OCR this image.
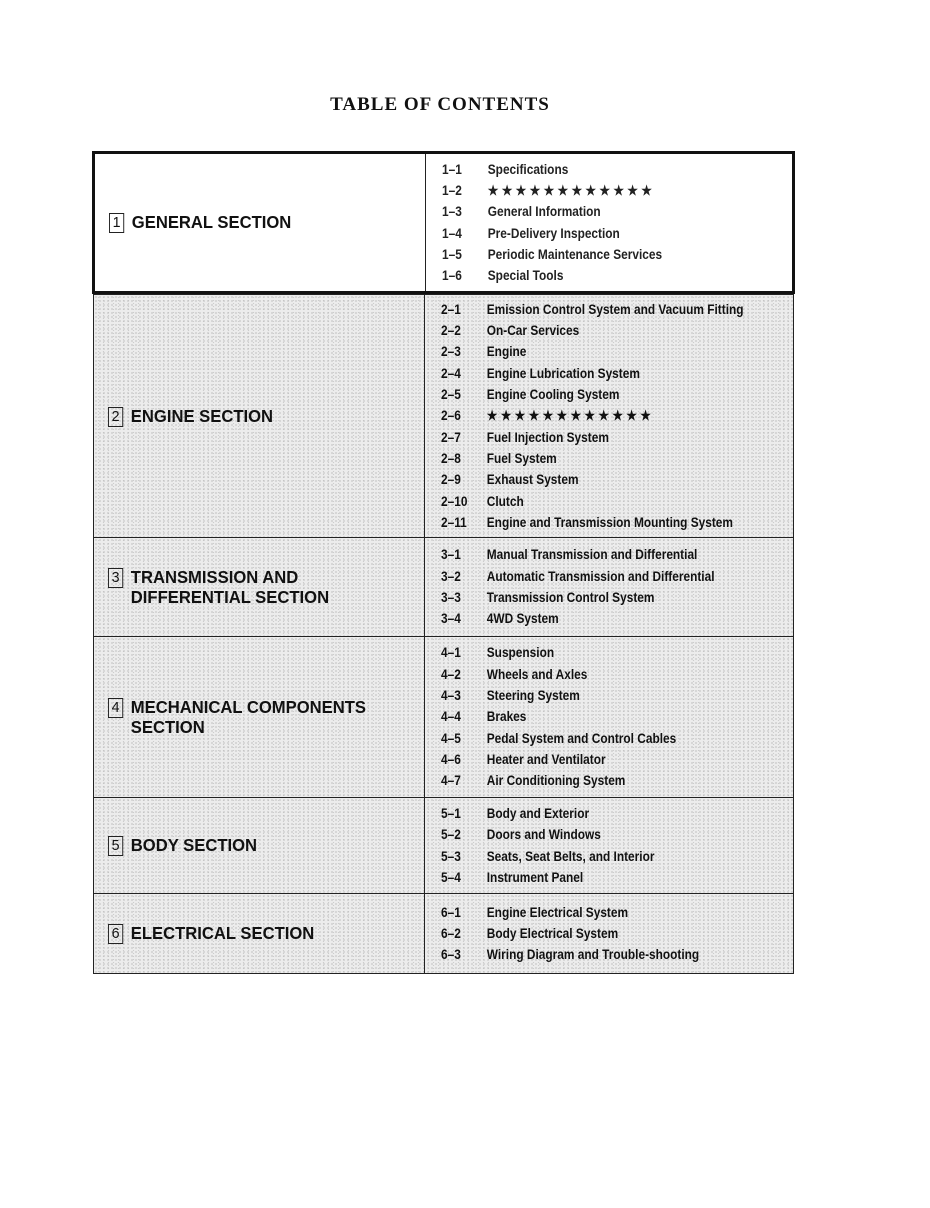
TABLE OF CONTENTS
1 GENERAL SECTION
1–1	Specifications
1–2	★ ★ ★ ★ ★ ★ ★ ★ ★ ★ ★ ★
1–3	General Information
1–4	Pre-Delivery Inspection
1–5	Periodic Maintenance Services
1–6	Special Tools
2 ENGINE SECTION
2–1	Emission Control System and Vacuum Fitting
2–2	On-Car Services
2–3	Engine
2–4	Engine Lubrication System
2–5	Engine Cooling System
2–6	★ ★ ★ ★ ★ ★ ★ ★ ★ ★ ★ ★
2–7	Fuel Injection System
2–8	Fuel System
2–9	Exhaust System
2–10	Clutch
2–11	Engine and Transmission Mounting System
3 TRANSMISSION AND
DIFFERENTIAL SECTION
3–1	Manual Transmission and Differential
3–2	Automatic Transmission and Differential
3–3	Transmission Control System
3–4	4WD System
4 MECHANICAL COMPONENTS
SECTION
4–1	Suspension
4–2	Wheels and Axles
4–3	Steering System
4–4	Brakes
4–5	Pedal System and Control Cables
4–6	Heater and Ventilator
4–7	Air Conditioning System
5 BODY SECTION
5–1	Body and Exterior
5–2	Doors and Windows
5–3	Seats, Seat Belts, and Interior
5–4	Instrument Panel
6 ELECTRICAL SECTION
6–1	Engine Electrical System
6–2	Body Electrical System
6–3	Wiring Diagram and Trouble-shooting
